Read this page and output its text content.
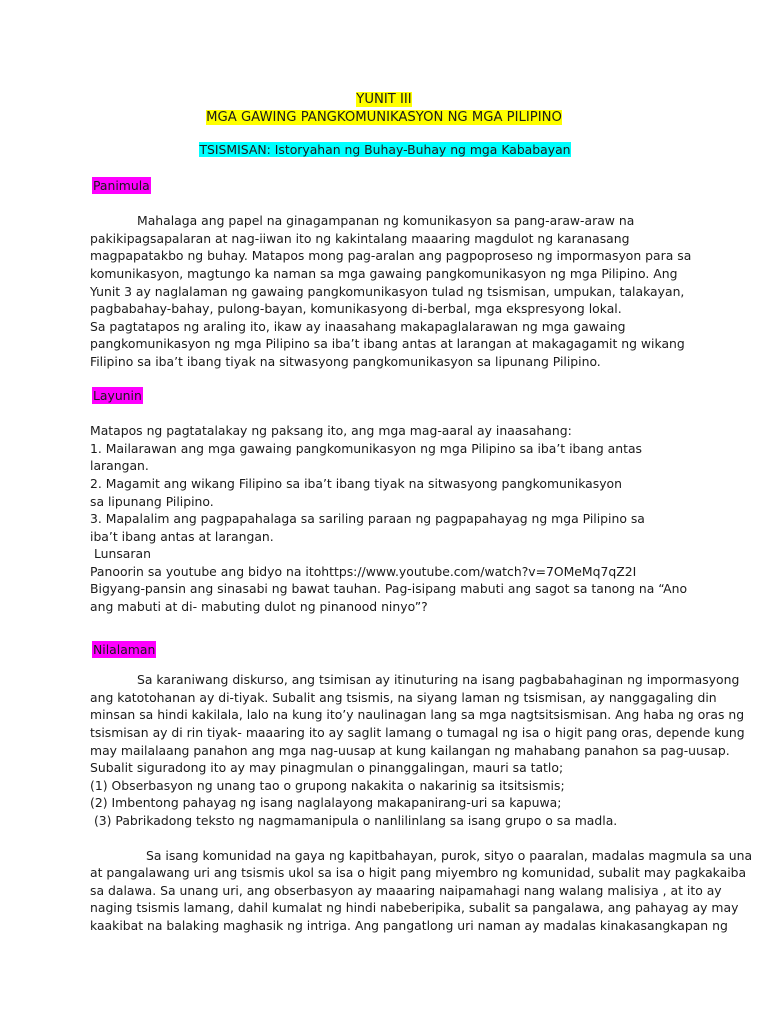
YUNIT III
MGA GAWING PANGKOMUNIKASYON NG MGA PILIPINO
TSISMISAN: Istoryahan ng Buhay-Buhay ng mga Kababayan
Panimula
Mahalaga ang papel na ginagampanan ng komunikasyon sa pang-araw-araw na
pakikipagsapalaran at nag-iiwan ito ng kakintalang maaaring magdulot ng karanasang
magpapatakbo ng buhay. Matapos mong pag-aralan ang pagpoproseso ng impormasyon para sa
komunikasyon, magtungo ka naman sa mga gawaing pangkomunikasyon ng mga Pilipino. Ang
Yunit 3 ay naglalaman ng gawaing pangkomunikasyon tulad ng tsismisan, umpukan, talakayan,
pagbabahay-bahay, pulong-bayan, komunikasyong di-berbal, mga ekspresyong lokal.
Sa pagtatapos ng araling ito, ikaw ay inaasahang makapaglalarawan ng mga gawaing
pangkomunikasyon ng mga Pilipino sa iba’t ibang antas at larangan at makagagamit ng wikang
Filipino sa iba’t ibang tiyak na sitwasyong pangkomunikasyon sa lipunang Pilipino.
Layunin
Matapos ng pagtatalakay ng paksang ito, ang mga mag-aaral ay inaasahang:
1. Mailarawan ang mga gawaing pangkomunikasyon ng mga Pilipino sa iba’t ibang antas
larangan.
2. Magamit ang wikang Filipino sa iba’t ibang tiyak na sitwasyong pangkomunikasyon
sa lipunang Pilipino.
3. Mapalalim ang pagpapahalaga sa sariling paraan ng pagpapahayag ng mga Pilipino sa
iba’t ibang antas at larangan.
Lunsaran
Panoorin sa youtube ang bidyo na itohttps://www.youtube.com/watch?v=7OMeMq7qZ2I
Bigyang-pansin ang sinasabi ng bawat tauhan. Pag-isipang mabuti ang sagot sa tanong na “Ano
ang mabuti at di- mabuting dulot ng pinanood ninyo”?
Nilalaman
Sa karaniwang diskurso, ang tsimisan ay itinuturing na isang pagbabahaginan ng impormasyong
ang katotohanan ay di-tiyak. Subalit ang tsismis, na siyang laman ng tsismisan, ay nanggagaling din
minsan sa hindi kakilala, lalo na kung ito’y naulinagan lang sa mga nagtsitsismisan. Ang haba ng oras ng
tsismisan ay di rin tiyak- maaaring ito ay saglit lamang o tumagal ng isa o higit pang oras, depende kung
may mailalaang panahon ang mga nag-uusap at kung kailangan ng mahabang panahon sa pag-uusap.
Subalit siguradong ito ay may pinagmulan o pinanggalingan, mauri sa tatlo;
(1) Obserbasyon ng unang tao o grupong nakakita o nakarinig sa itsitsismis;
(2) Imbentong pahayag ng isang naglalayong makapanirang-uri sa kapuwa;
(3) Pabrikadong teksto ng nagmamanipula o nanlilinlang sa isang grupo o sa madla.
Sa isang komunidad na gaya ng kapitbahayan, purok, sityo o paaralan, madalas magmula sa una
at pangalawang uri ang tsismis ukol sa isa o higit pang miyembro ng komunidad, subalit may pagkakaiba
sa dalawa. Sa unang uri, ang obserbasyon ay maaaring naipamahagi nang walang malisiya , at ito ay
naging tsismis lamang, dahil kumalat ng hindi nabeberipika, subalit sa pangalawa, ang pahayag ay may
kaakibat na balaking maghasik ng intriga. Ang pangatlong uri naman ay madalas kinakasangkapan ng
